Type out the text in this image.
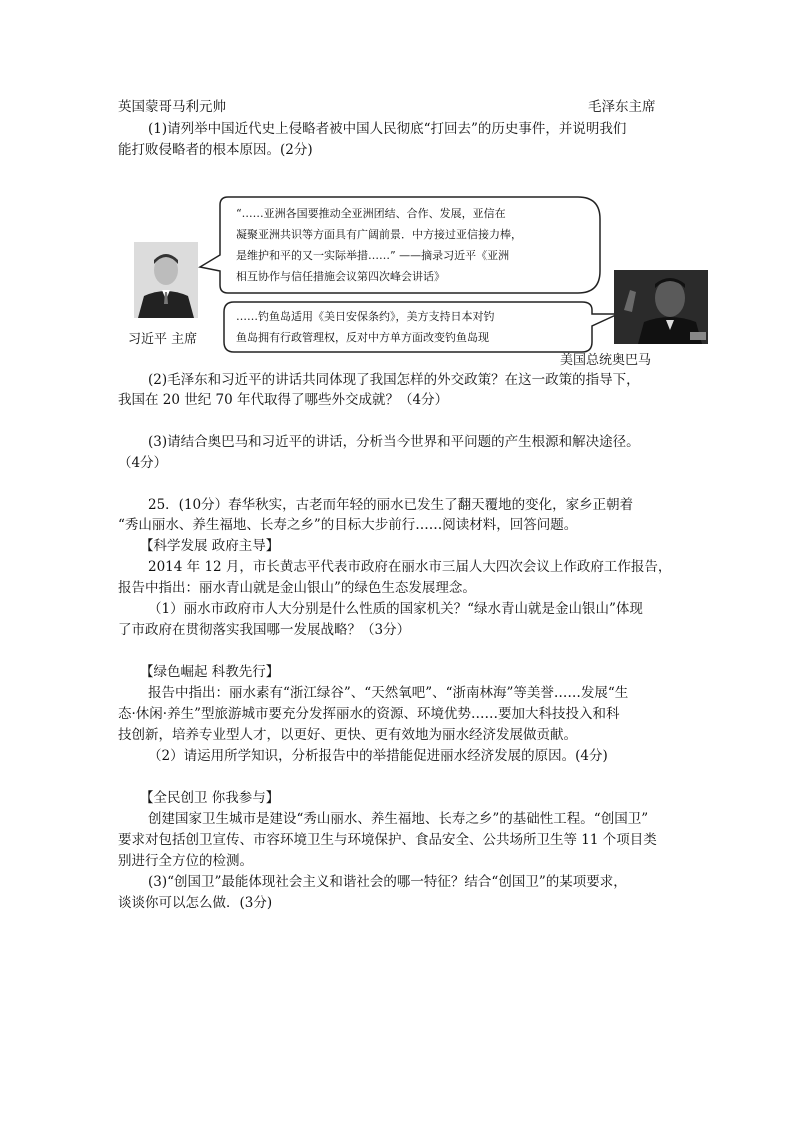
英国蒙哥马利元帅	毛泽东主席
(1)请列举中国近代史上侵略者被中国人民彻底“打回去”的历史事件，并说明我们
能打败侵略者的根本原因。(2分)
习近平 主席
“……亚洲各国要推动全亚洲团结、合作、发展，亚信在
凝聚亚洲共识等方面具有广阔前景．中方接过亚信接力棒，
是维护和平的又一实际举措……” ——摘录习近平《亚洲
相互协作与信任措施会议第四次峰会讲话》
……钓鱼岛适用《美日安保条约》，美方支持日本对钓
鱼岛拥有行政管理权，反对中方单方面改变钓鱼岛现
美国总统奥巴马
(2)毛泽东和习近平的讲话共同体现了我国怎样的外交政策？在这一政策的指导下，
我国在 20 世纪 70 年代取得了哪些外交成就？（4分）
(3)请结合奥巴马和习近平的讲话，分析当今世界和平问题的产生根源和解决途径。
（4分）
25．(10分）春华秋实，古老而年轻的丽水已发生了翻天覆地的变化，家乡正朝着
“秀山丽水、养生福地、长寿之乡”的目标大步前行……阅读材料，回答问题。
【科学发展 政府主导】
2014 年 12 月，市长黄志平代表市政府在丽水市三届人大四次会议上作政府工作报告，
报告中指出：丽水青山就是金山银山”的绿色生态发展理念。
（1）丽水市政府市人大分别是什么性质的国家机关？“绿水青山就是金山银山”体现
了市政府在贯彻落实我国哪一发展战略？（3分）
【绿色崛起 科教先行】
报告中指出：丽水素有“浙江绿谷”、“天然氧吧”、“浙南林海”等美誉……发展“生
态·休闲·养生”型旅游城市要充分发挥丽水的资源、环境优势……要加大科技投入和科
技创新，培养专业型人才，以更好、更快、更有效地为丽水经济发展做贡献。
（2）请运用所学知识，分析报告中的举措能促进丽水经济发展的原因。(4分)
【全民创卫 你我参与】
创建国家卫生城市是建设“秀山丽水、养生福地、长寿之乡”的基础性工程。“创国卫”
要求对包括创卫宣传、市容环境卫生与环境保护、食品安全、公共场所卫生等 11 个项目类
别进行全方位的检测。
(3)“创国卫”最能体现社会主义和谐社会的哪一特征？结合“创国卫”的某项要求，
谈谈你可以怎么做．(3分)
